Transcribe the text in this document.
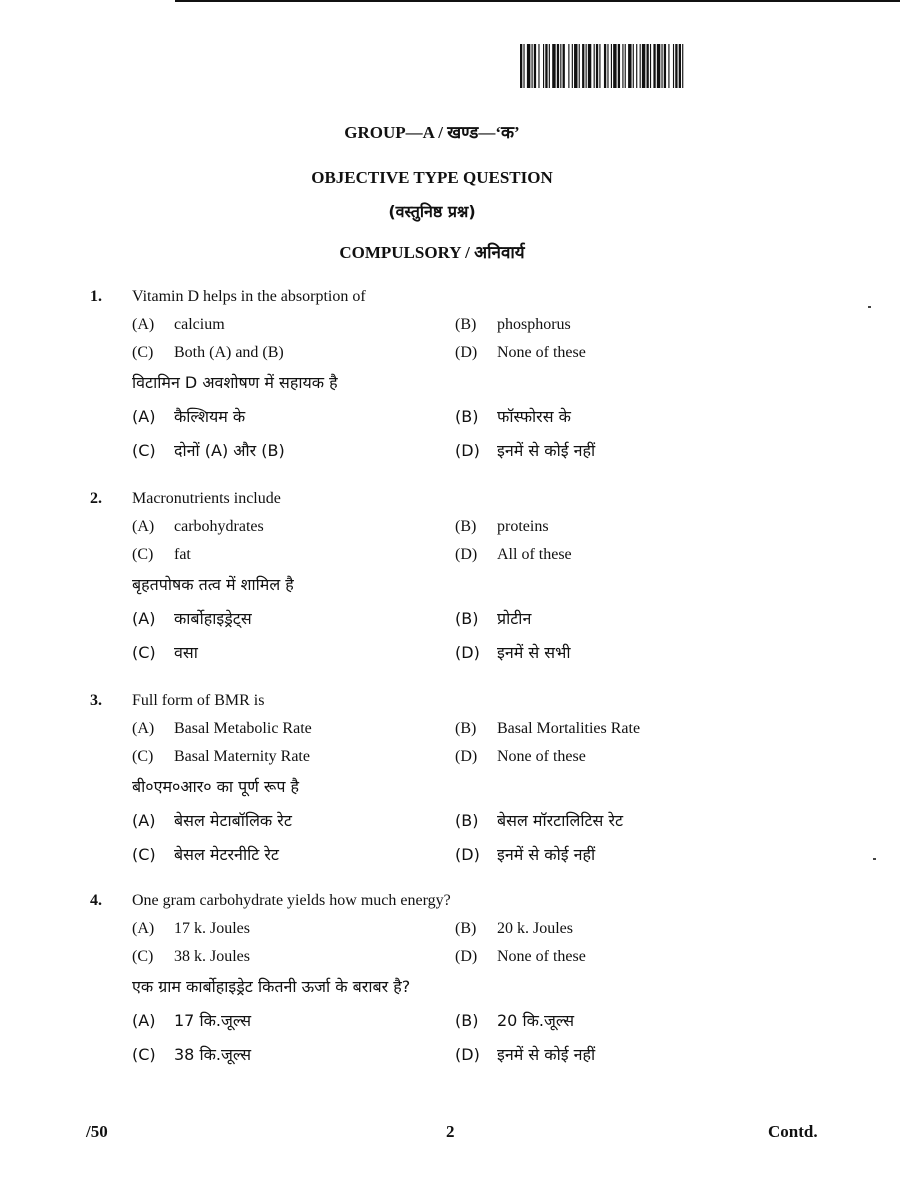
GROUP—A / खण्ड—‘क’
OBJECTIVE TYPE QUESTION
(वस्तुनिष्ठ प्रश्न)
COMPULSORY / अनिवार्य
1. Vitamin D helps in the absorption of
(A) calcium	(B) phosphorus
(C) Both (A) and (B)	(D) None of these
विटामिन D अवशोषण में सहायक है
(A) कैल्शियम के	(B) फॉस्फोरस के
(C) दोनों (A) और (B)	(D) इनमें से कोई नहीं
2. Macronutrients include
(A) carbohydrates	(B) proteins
(C) fat	(D) All of these
बृहतपोषक तत्व में शामिल है
(A) कार्बोहाइड्रेट्स	(B) प्रोटीन
(C) वसा	(D) इनमें से सभी
3. Full form of BMR is
(A) Basal Metabolic Rate	(B) Basal Mortalities Rate
(C) Basal Maternity Rate	(D) None of these
बी०एम०आर० का पूर्ण रूप है
(A) बेसल मेटाबॉलिक रेट	(B) बेसल मॉरटालिटिस रेट
(C) बेसल मेटरनीटि रेट	(D) इनमें से कोई नहीं
4. One gram carbohydrate yields how much energy?
(A) 17 k. Joules	(B) 20 k. Joules
(C) 38 k. Joules	(D) None of these
एक ग्राम कार्बोहाइड्रेट कितनी ऊर्जा के बराबर है?
(A) 17 कि.जूल्स	(B) 20 कि.जूल्स
(C) 38 कि.जूल्स	(D) इनमें से कोई नहीं
/50	2	Contd.
